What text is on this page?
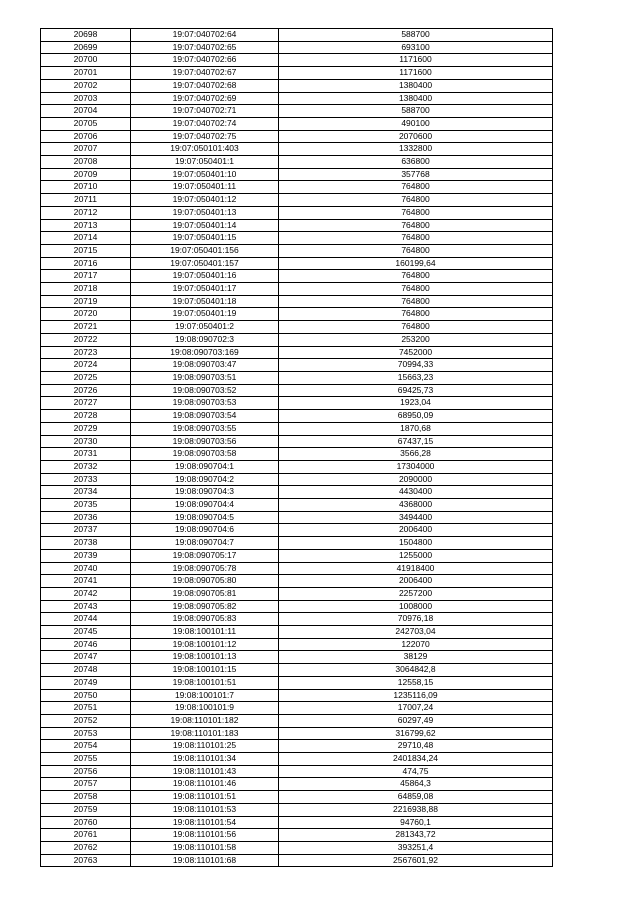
20698	19:07:040702:64	588700
20699	19:07:040702:65	693100
20700	19:07:040702:66	1171600
20701	19:07:040702:67	1171600
20702	19:07:040702:68	1380400
20703	19:07:040702:69	1380400
20704	19:07:040702:71	588700
20705	19:07:040702:74	490100
20706	19:07:040702:75	2070600
20707	19:07:050101:403	1332800
20708	19:07:050401:1	636800
20709	19:07:050401:10	357768
20710	19:07:050401:11	764800
20711	19:07:050401:12	764800
20712	19:07:050401:13	764800
20713	19:07:050401:14	764800
20714	19:07:050401:15	764800
20715	19:07:050401:156	764800
20716	19:07:050401:157	160199,64
20717	19:07:050401:16	764800
20718	19:07:050401:17	764800
20719	19:07:050401:18	764800
20720	19:07:050401:19	764800
20721	19:07:050401:2	764800
20722	19:08:090702:3	253200
20723	19:08:090703:169	7452000
20724	19:08:090703:47	70994,33
20725	19:08:090703:51	15663,23
20726	19:08:090703:52	69425,73
20727	19:08:090703:53	1923,04
20728	19:08:090703:54	68950,09
20729	19:08:090703:55	1870,68
20730	19:08:090703:56	67437,15
20731	19:08:090703:58	3566,28
20732	19:08:090704:1	17304000
20733	19:08:090704:2	2090000
20734	19:08:090704:3	4430400
20735	19:08:090704:4	4368000
20736	19:08:090704:5	3494400
20737	19:08:090704:6	2006400
20738	19:08:090704:7	1504800
20739	19:08:090705:17	1255000
20740	19:08:090705:78	41918400
20741	19:08:090705:80	2006400
20742	19:08:090705:81	2257200
20743	19:08:090705:82	1008000
20744	19:08:090705:83	70976,18
20745	19:08:100101:11	242703,04
20746	19:08:100101:12	122070
20747	19:08:100101:13	38129
20748	19:08:100101:15	3064842,8
20749	19:08:100101:51	12558,15
20750	19:08:100101:7	1235116,09
20751	19:08:100101:9	17007,24
20752	19:08:110101:182	60297,49
20753	19:08:110101:183	316799,62
20754	19:08:110101:25	29710,48
20755	19:08:110101:34	2401834,24
20756	19:08:110101:43	474,75
20757	19:08:110101:46	45864,3
20758	19:08:110101:51	64859,08
20759	19:08:110101:53	2216938,88
20760	19:08:110101:54	94760,1
20761	19:08:110101:56	281343,72
20762	19:08:110101:58	393251,4
20763	19:08:110101:68	2567601,92
